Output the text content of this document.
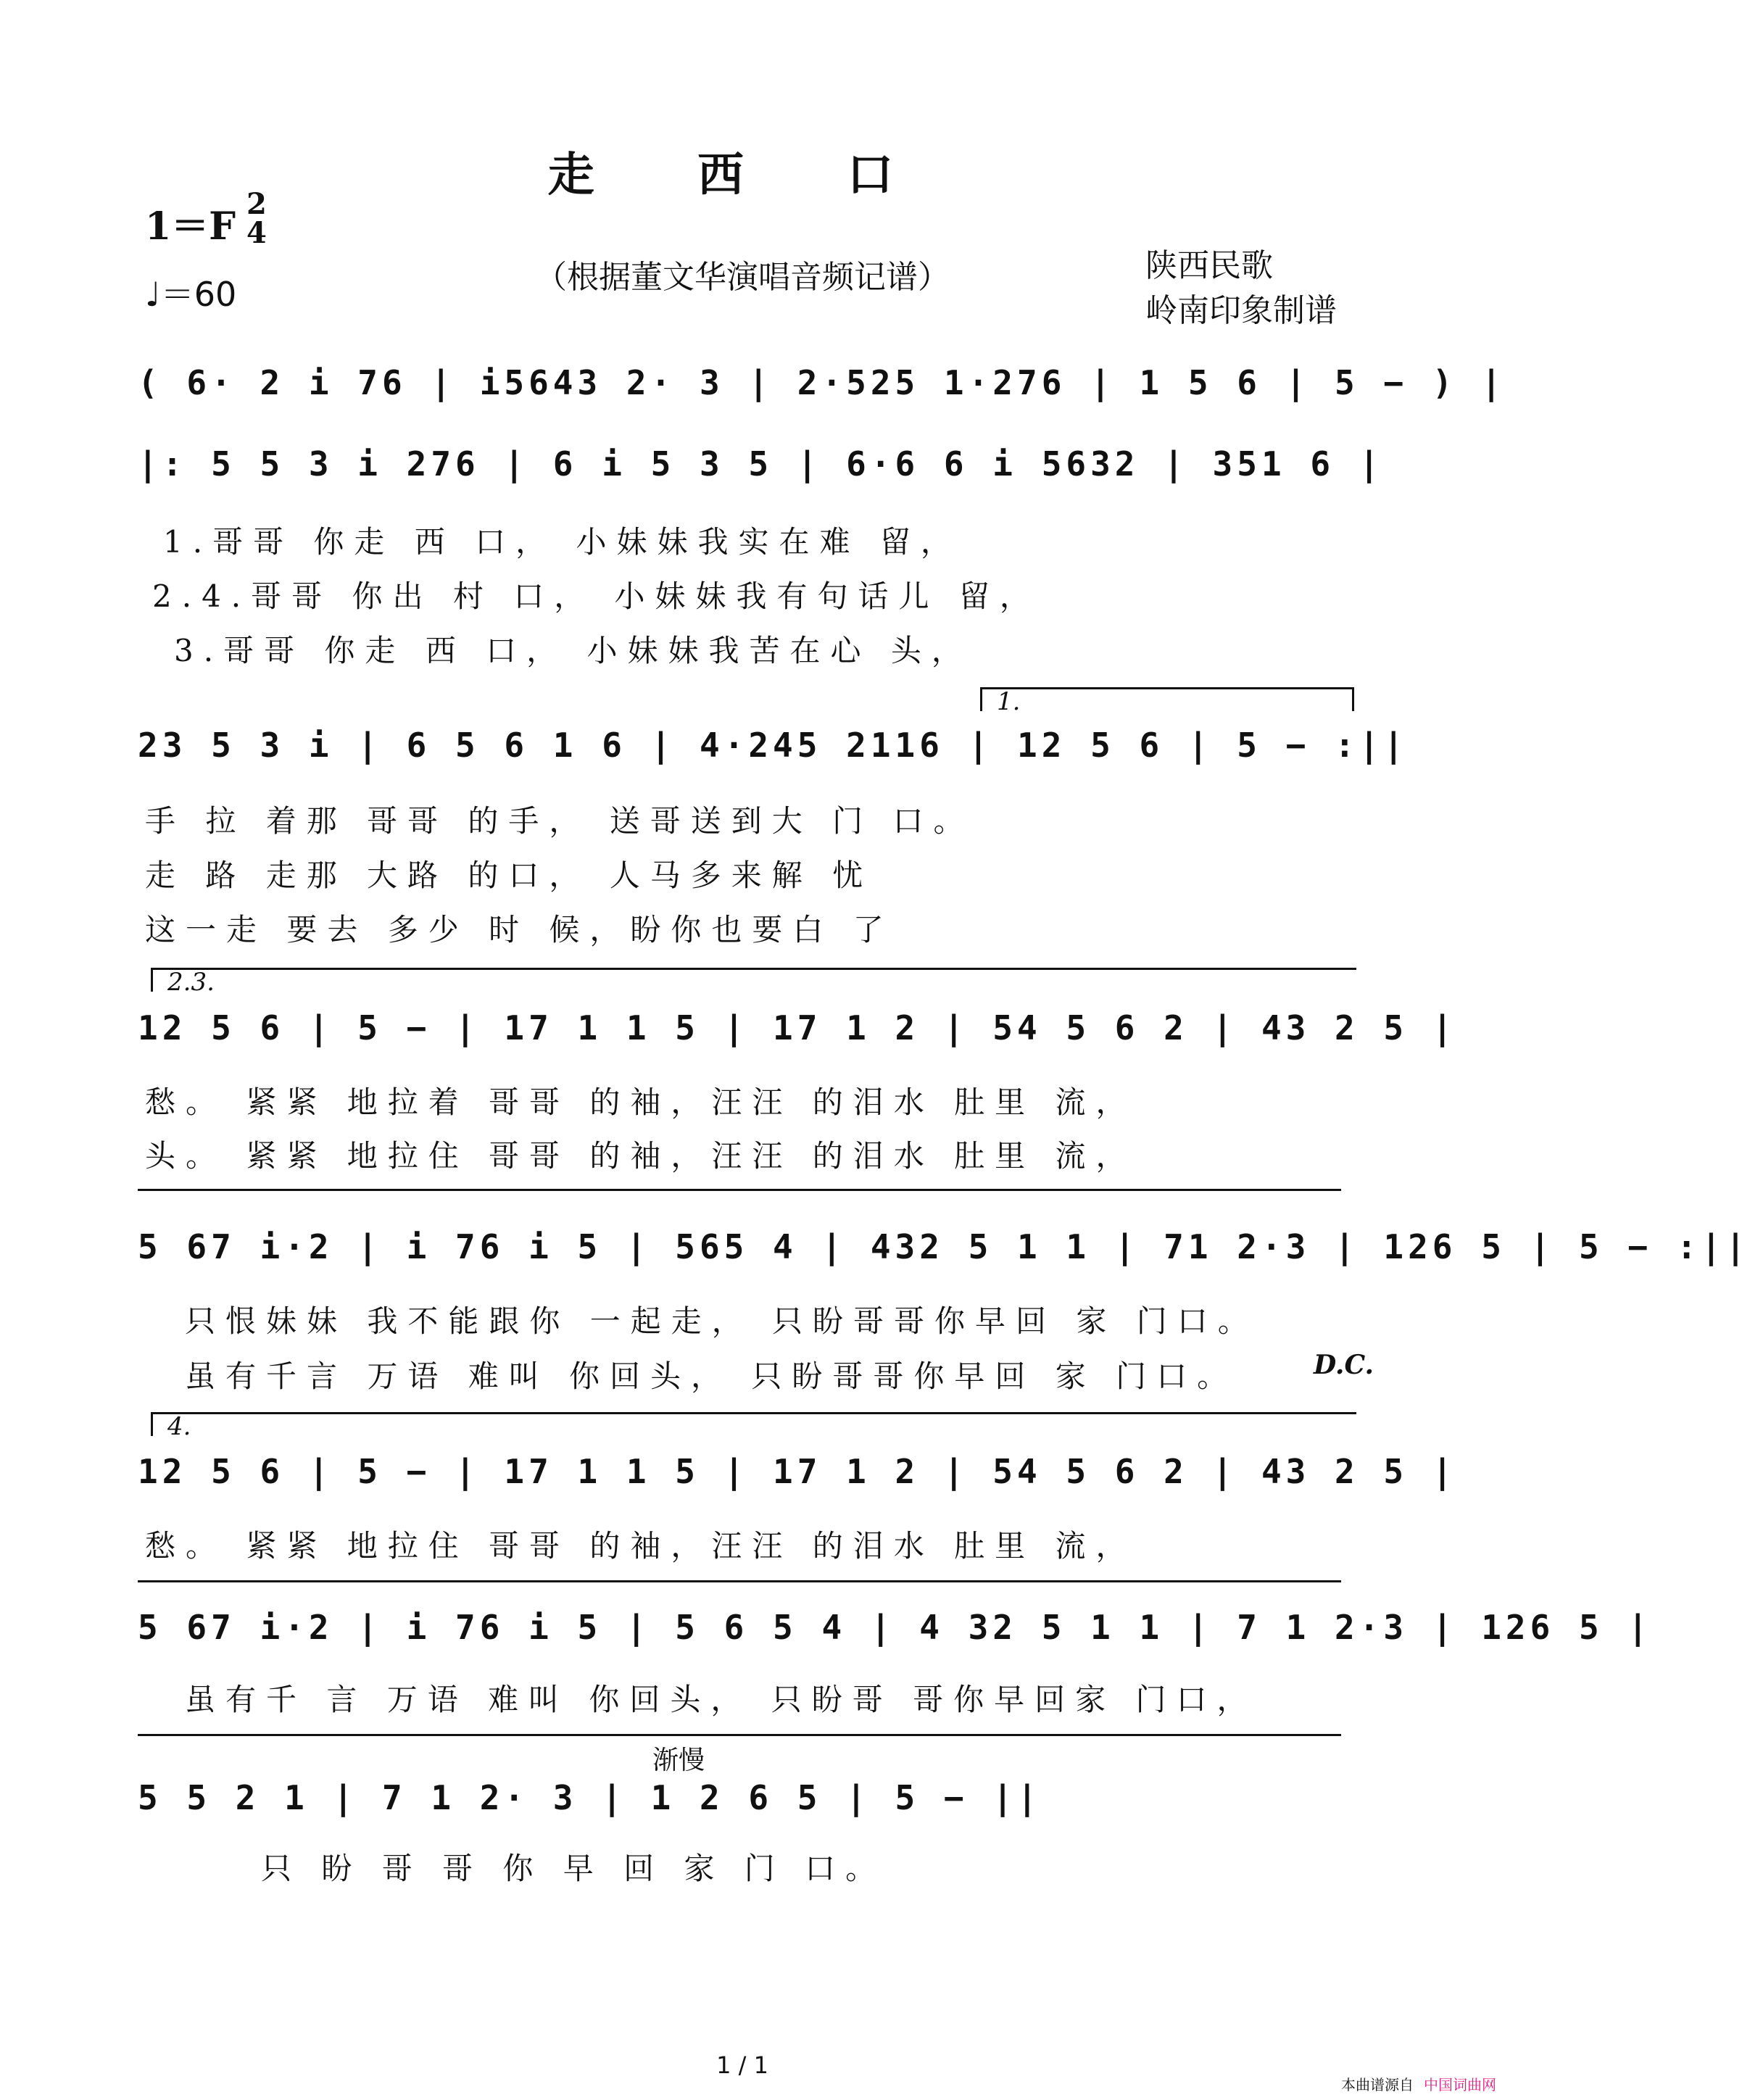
走 西 口
1＝F
2
4
♩＝60	（根据董文华演唱音频记谱）	陕西民歌
岭南印象制谱
( 6· 2 i 76 | i5643 2· 3 | 2·525 1·276 | 1 5 6 | 5 − ) |
|: 5 5 3 i 276 | 6 i 5 3 5 | 6·6 6 i 5632 | 351 6 |
1.哥哥 你走 西 口， 小妹妹我实在难 留，
2.4.哥哥 你出 村 口， 小妹妹我有句话儿 留，
3.哥哥 你走 西 口， 小妹妹我苦在心 头，
1.
23 5 3 i | 6 5 6 1 6 | 4·245 2116 | 12 5 6 | 5 − :||
手 拉 着那 哥哥 的手， 送哥送到大 门 口。
走 路 走那 大路 的口， 人马多来解 忧
这一走 要去 多少 时 候，盼你也要白 了
2.3.
12 5 6 | 5 − | 17 1 1 5 | 17 1 2 | 54 5 6 2 | 43 2 5 |
愁。 紧紧 地拉着 哥哥 的袖，汪汪 的泪水 肚里 流，
头。 紧紧 地拉住 哥哥 的袖，汪汪 的泪水 肚里 流，
5 67 i·2 | i 76 i 5 | 565 4 | 432 5 1 1 | 71 2·3 | 126 5 | 5 − :||
只恨妹妹 我不能跟你 一起走， 只盼哥哥你早回 家 门口。
虽有千言 万语 难叫 你回头， 只盼哥哥你早回 家 门口。	D.C.
4.
12 5 6 | 5 − | 17 1 1 5 | 17 1 2 | 54 5 6 2 | 43 2 5 |
愁。 紧紧 地拉住 哥哥 的袖，汪汪 的泪水 肚里 流，
5 67 i·2 | i 76 i 5 | 5 6 5 4 | 4 32 5 1 1 | 7 1 2·3 | 126 5 |
虽有千 言 万语 难叫 你回头， 只盼哥 哥你早回家 门口，
渐慢
5 5 2 1 | 7 1 2· 3 | 1 2 6 5 | 5 − ||
只 盼 哥 哥 你 早 回 家 门 口。
1 / 1
本曲谱源自 中国词曲网
